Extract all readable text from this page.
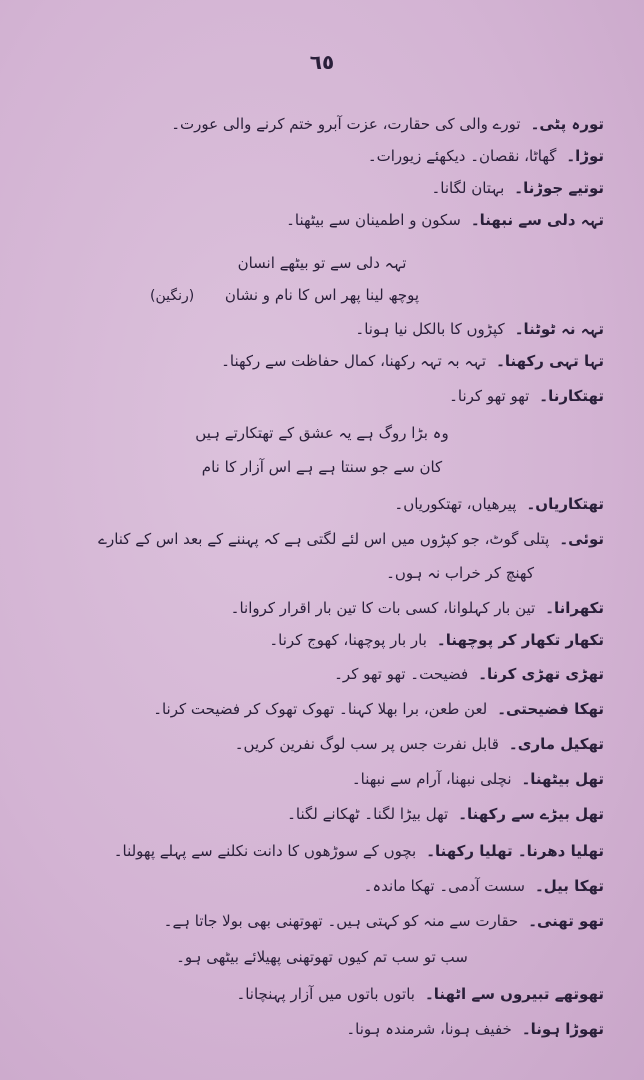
٦٥
تورہ پٹی۔تورے والی کی حقارت، عزت آبرو ختم کرنے والی عورت۔
توڑا۔گھاٹا، نقصان۔ دیکھئے زیورات۔
توتیے جوڑنا۔بہتان لگانا۔
تہہ دلی سے نبھنا۔سکون و اطمینان سے بیٹھنا۔
تہہ دلی سے تو بیٹھے انسان
پوچھ لینا پھر اس کا نام و نشان
(رنگین)
تہہ نہ ٹوٹنا۔کپڑوں کا بالکل نیا ہونا۔
تہا تہی رکھنا۔تہہ بہ تہہ رکھنا، کمال حفاظت سے رکھنا۔
تھتکارنا۔تھو تھو کرنا۔
وہ بڑا روگ ہے یہ عشق کے تھتکارتے ہیں
کان سے جو سنتا ہے ہے اس آزار کا نام
تھتکاریاں۔پیرھیاں، تھتکوریاں۔
توئی۔پتلی گوٹ، جو کپڑوں میں اس لئے لگتی ہے کہ پہننے کے بعد اس کے کنارے
کھنچ کر خراب نہ ہوں۔
تکھرانا۔تین بار کہلوانا، کسی بات کا تین بار اقرار کروانا۔
تکھار تکھار کر پوچھنا۔بار بار پوچھنا، کھوج کرنا۔
تھڑی تھڑی کرنا۔فضیحت۔ تھو تھو کر۔
تھکا فضیحتی۔لعن طعن، برا بھلا کہنا۔ تھوک تھوک کر فضیحت کرنا۔
تھکیل ماری۔قابل نفرت جس پر سب لوگ نفرین کریں۔
تھل بیٹھنا۔نچلی نبھنا، آرام سے نبھنا۔
تھل بیڑے سے رکھنا۔تھل بیڑا لگنا۔ ٹھکانے لگنا۔
تھلیا دھرنا۔ تھلیا رکھنا۔بچوں کے سوڑھوں کا دانت نکلنے سے پہلے پھولنا۔
تھکا بیل۔سست آدمی۔ تھکا ماندہ۔
تھو تھنی۔حقارت سے منہ کو کہتی ہیں۔ تھوتھنی بھی بولا جاتا ہے۔
سب تو سب تم کیوں تھوتھنی پھیلائے بیٹھی ہو۔
تھوتھے تبیروں سے اٹھنا۔باتوں باتوں میں آزار پہنچانا۔
تھوڑا ہونا۔خفیف ہونا، شرمندہ ہونا۔
